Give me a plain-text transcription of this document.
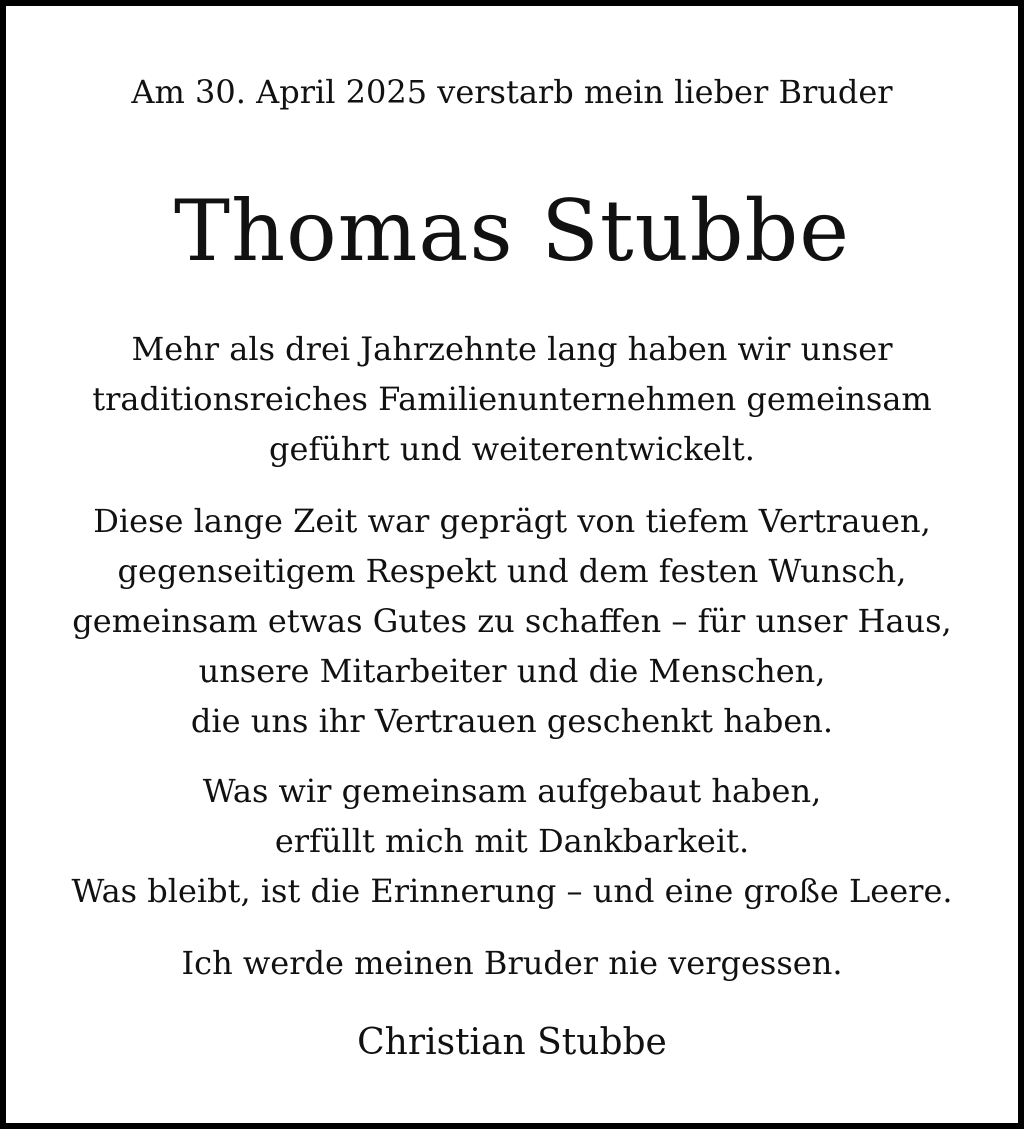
Am 30. April 2025 verstarb mein lieber Bruder
Thomas Stubbe
Mehr als drei Jahrzehnte lang haben wir unser
traditionsreiches Familienunternehmen gemeinsam
geführt und weiterentwickelt.
Diese lange Zeit war geprägt von tiefem Vertrauen,
gegenseitigem Respekt und dem festen Wunsch,
gemeinsam etwas Gutes zu schaffen – für unser Haus,
unsere Mitarbeiter und die Menschen,
die uns ihr Vertrauen geschenkt haben.
Was wir gemeinsam aufgebaut haben,
erfüllt mich mit Dankbarkeit.
Was bleibt, ist die Erinnerung – und eine große Leere.
Ich werde meinen Bruder nie vergessen.
Christian Stubbe
